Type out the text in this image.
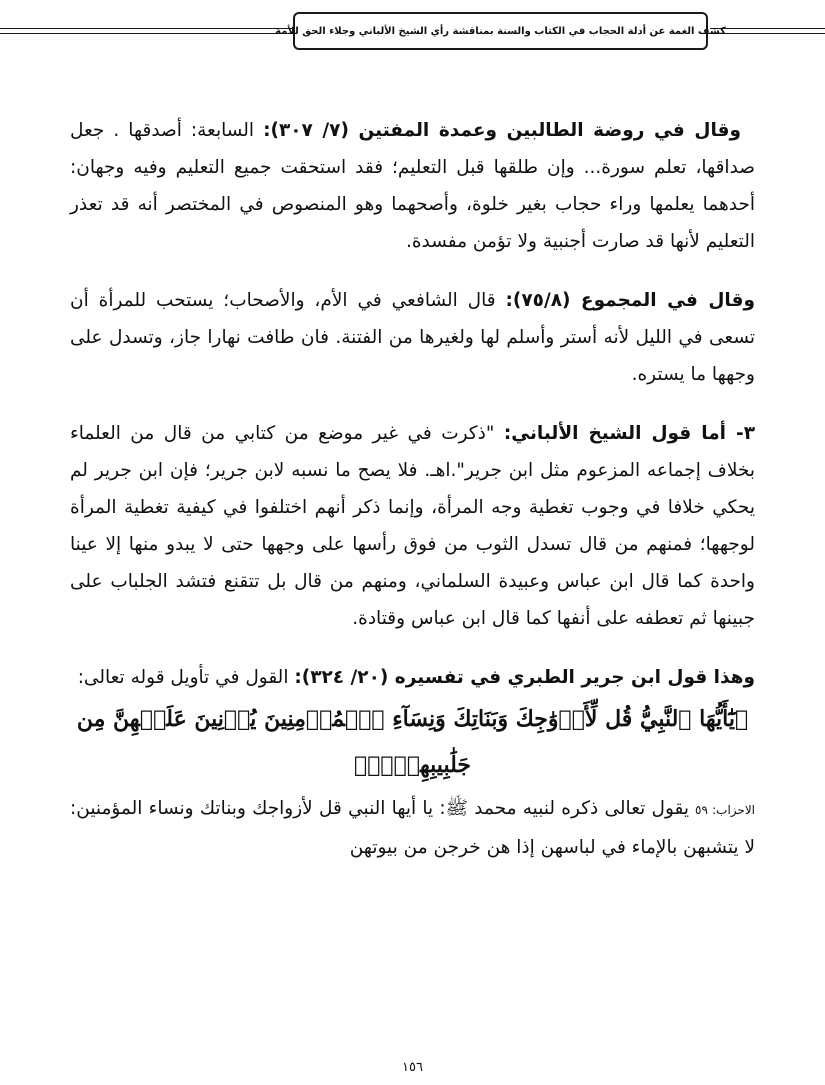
كشف الغمة عن أدلة الحجاب في الكتاب والسنة بمناقشة رأي الشيخ الألباني وجلاء الحق للأمة

وقال في روضة الطالبين وعمدة المفتين (٧/ ٣٠٧): السابعة: أصدقها . جعل صداقها، تعلم سورة... وإن طلقها قبل التعليم؛ فقد استحقت جميع التعليم وفيه وجهان: أحدهما يعلمها وراء حجاب بغير خلوة، وأصحهما وهو المنصوص في المختصر أنه قد تعذر التعليم لأنها قد صارت أجنبية ولا تؤمن مفسدة.

وقال في المجموع (٧٥/٨): قال الشافعي في الأم، والأصحاب؛ يستحب للمرأة أن تسعى في الليل لأنه أستر وأسلم لها ولغيرها من الفتنة. فان طافت نهارا جاز، وتسدل على وجهها ما يستره.

٣- أما قول الشيخ الألباني: "ذكرت في غير موضع من كتابي من قال من العلماء بخلاف إجماعه المزعوم مثل ابن جرير".اهـ. فلا يصح ما نسبه لابن جرير؛ فإن ابن جرير لم يحكي خلافا في وجوب تغطية وجه المرأة، وإنما ذكر أنهم اختلفوا في كيفية تغطية المرأة لوجهها؛ فمنهم من قال تسدل الثوب من فوق رأسها على وجهها حتى لا يبدو منها إلا عينا واحدة كما قال ابن عباس وعبيدة السلماني، ومنهم من قال بل تتقنع فتشد الجلباب على جبينها ثم تعطفه على أنفها كما قال ابن عباس وقتادة.

وهذا قول ابن جرير الطبري في تفسيره (٢٠/ ٣٢٤): القول في تأويل قوله تعالى:

﴿يَٰٓأَيُّهَا ٱلنَّبِيُّ قُل لِّأَزۡوَٰجِكَ وَبَنَاتِكَ وَنِسَآءِ ٱلۡمُؤۡمِنِينَ يُدۡنِينَ عَلَيۡهِنَّ مِن جَلَٰبِيبِهِنَّۚ﴾

الاحزاب: ٥٩يقول تعالى ذكره لنبيه محمد ﷺ: يا أيها النبي قل لأزواجك وبناتك ونساء المؤمنين: لا يتشبهن بالإماء في لباسهن إذا هن خرجن من بيوتهن

١٥٦
